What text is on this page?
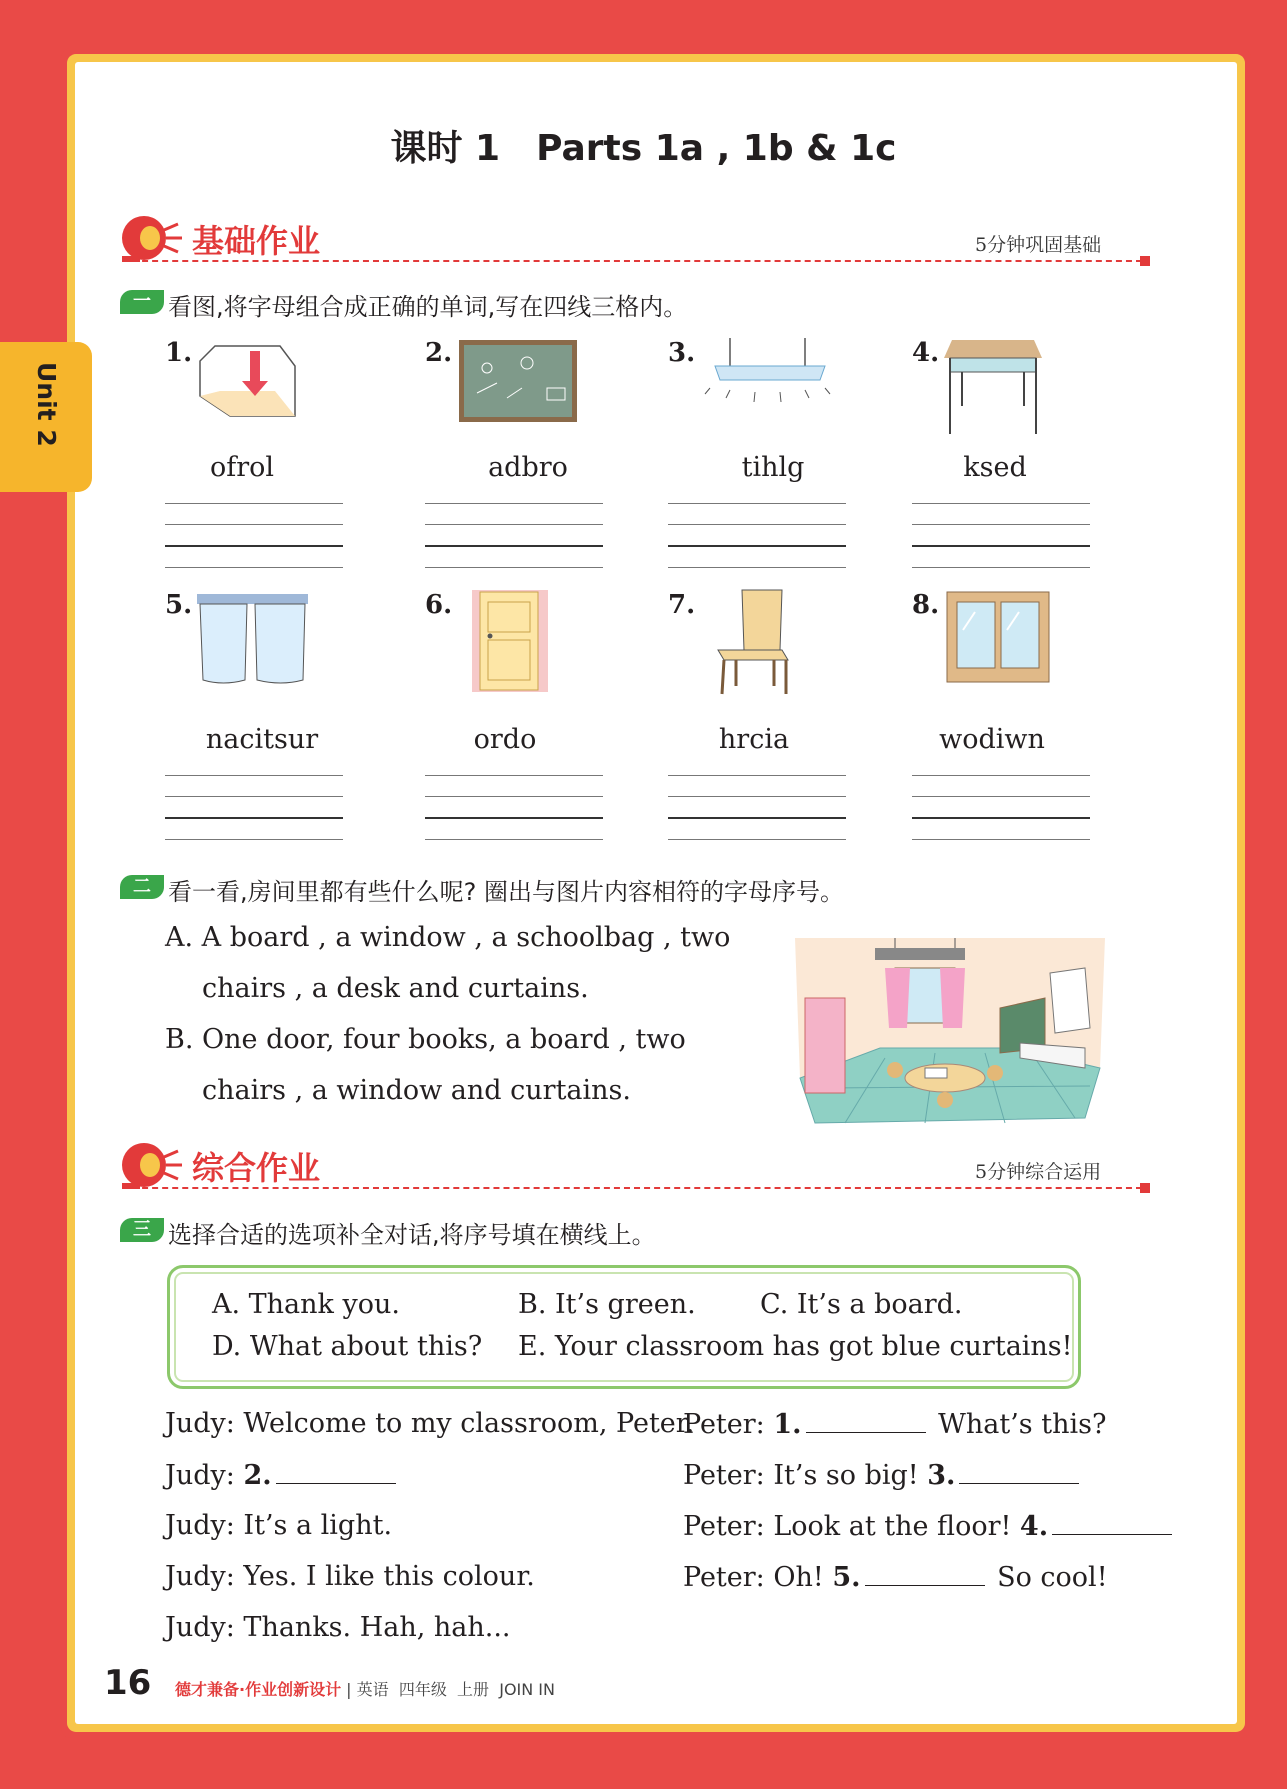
Unit 2
课时 1　Parts 1a , 1b & 1c
基础作业	5分钟巩固基础
一 看图,将字母组合成正确的单词,写在四线三格内。
1.
ofrol
2.
adbro
3.
tihlg
4.
ksed
5.
nacitsur
6.
ordo
7.
hrcia
8.
wodiwn
二 看一看,房间里都有些什么呢? 圈出与图片内容相符的字母序号。
A. A board , a window , a schoolbag , two
chairs , a desk and curtains.
B. One door, four books, a board , two
chairs , a window and curtains.
综合作业	5分钟综合运用
三 选择合适的选项补全对话,将序号填在横线上。
A. Thank you.	B. It’s green. C. It’s a board.
D. What about this? E. Your classroom has got blue curtains!
Judy: Welcome to my classroom, Peter.
Peter: 1.	What’s this?
Judy: 2.	Peter: It’s so big! 3.
Judy: It’s a light.	Peter: Look at the floor! 4.
Judy: Yes. I like this colour.	Peter: Oh! 5.	So cool!
Judy: Thanks. Hah, hah...
16 德才兼备·作业创新设计 | 英语 四年级 上册 JOIN IN
